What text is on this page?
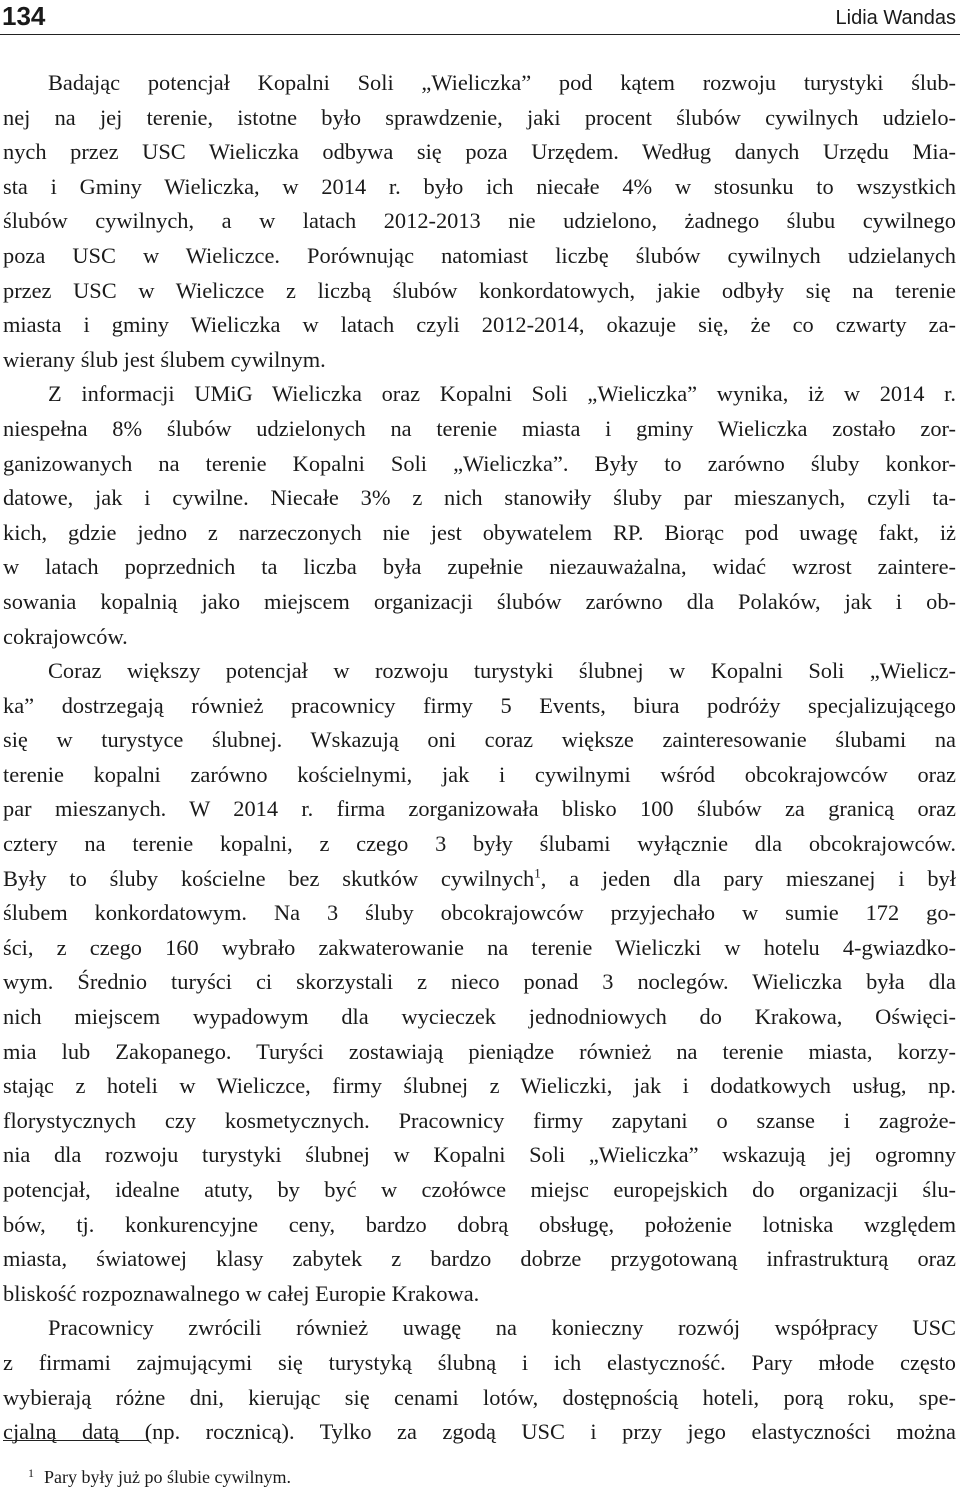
134	Lidia Wandas

Badając potencjał Kopalni Soli „Wieliczka” pod kątem rozwoju turystyki ślub-
nej na jej terenie, istotne było sprawdzenie, jaki procent ślubów cywilnych udzielo-
nych przez USC Wieliczka odbywa się poza Urzędem. Według danych Urzędu Mia-
sta i Gminy Wieliczka, w 2014 r. było ich niecałe 4% w stosunku to wszystkich
ślubów cywilnych, a w latach 2012-2013 nie udzielono, żadnego ślubu cywilnego
poza USC w Wieliczce. Porównując natomiast liczbę ślubów cywilnych udzielanych
przez USC w Wieliczce z liczbą ślubów konkordatowych, jakie odbyły się na terenie
miasta i gminy Wieliczka w latach czyli 2012-2014, okazuje się, że co czwarty za-
wierany ślub jest ślubem cywilnym.

Z informacji UMiG Wieliczka oraz Kopalni Soli „Wieliczka” wynika, iż w 2014 r.
niespełna 8% ślubów udzielonych na terenie miasta i gminy Wieliczka zostało zor-
ganizowanych na terenie Kopalni Soli „Wieliczka”. Były to zarówno śluby konkor-
datowe, jak i cywilne. Niecałe 3% z nich stanowiły śluby par mieszanych, czyli ta-
kich, gdzie jedno z narzeczonych nie jest obywatelem RP. Biorąc pod uwagę fakt, iż
w latach poprzednich ta liczba była zupełnie niezauważalna, widać wzrost zaintere-
sowania kopalnią jako miejscem organizacji ślubów zarówno dla Polaków, jak i ob-
cokrajowców.

Coraz większy potencjał w rozwoju turystyki ślubnej w Kopalni Soli „Wielicz-
ka” dostrzegają również pracownicy firmy 5 Events, biura podróży specjalizującego
się w turystyce ślubnej. Wskazują oni coraz większe zainteresowanie ślubami na
terenie kopalni zarówno kościelnymi, jak i cywilnymi wśród obcokrajowców oraz
par mieszanych. W 2014 r. firma zorganizowała blisko 100 ślubów za granicą oraz
cztery na terenie kopalni, z czego 3 były ślubami wyłącznie dla obcokrajowców.
Były to śluby kościelne bez skutków cywilnych$^1$, a jeden dla pary mieszanej i był
ślubem konkordatowym. Na 3 śluby obcokrajowców przyjechało w sumie 172 go-
ści, z czego 160 wybrało zakwaterowanie na terenie Wieliczki w hotelu 4-gwiazdko-
wym. Średnio turyści ci skorzystali z nieco ponad 3 noclegów. Wieliczka była dla
nich miejscem wypadowym dla wycieczek jednodniowych do Krakowa, Oświęci-
mia lub Zakopanego. Turyści zostawiają pieniądze również na terenie miasta, korzy-
stając z hoteli w Wieliczce, firmy ślubnej z Wieliczki, jak i dodatkowych usług, np.
florystycznych czy kosmetycznych. Pracownicy firmy zapytani o szanse i zagroże-
nia dla rozwoju turystyki ślubnej w Kopalni Soli „Wieliczka” wskazują jej ogromny
potencjał, idealne atuty, by być w czołówce miejsc europejskich do organizacji ślu-
bów, tj. konkurencyjne ceny, bardzo dobrą obsługę, położenie lotniska względem
miasta, światowej klasy zabytek z bardzo dobrze przygotowaną infrastrukturą oraz
bliskość rozpoznawalnego w całej Europie Krakowa.

Pracownicy zwrócili również uwagę na konieczny rozwój współpracy USC
z firmami zajmującymi się turystyką ślubną i ich elastyczność. Pary młode często
wybierają różne dni, kierując się cenami lotów, dostępnością hoteli, porą roku, spe-
cjalną datą (np. rocznicą). Tylko za zgodą USC i przy jego elastyczności można

$^1$ Pary były już po ślubie cywilnym.
